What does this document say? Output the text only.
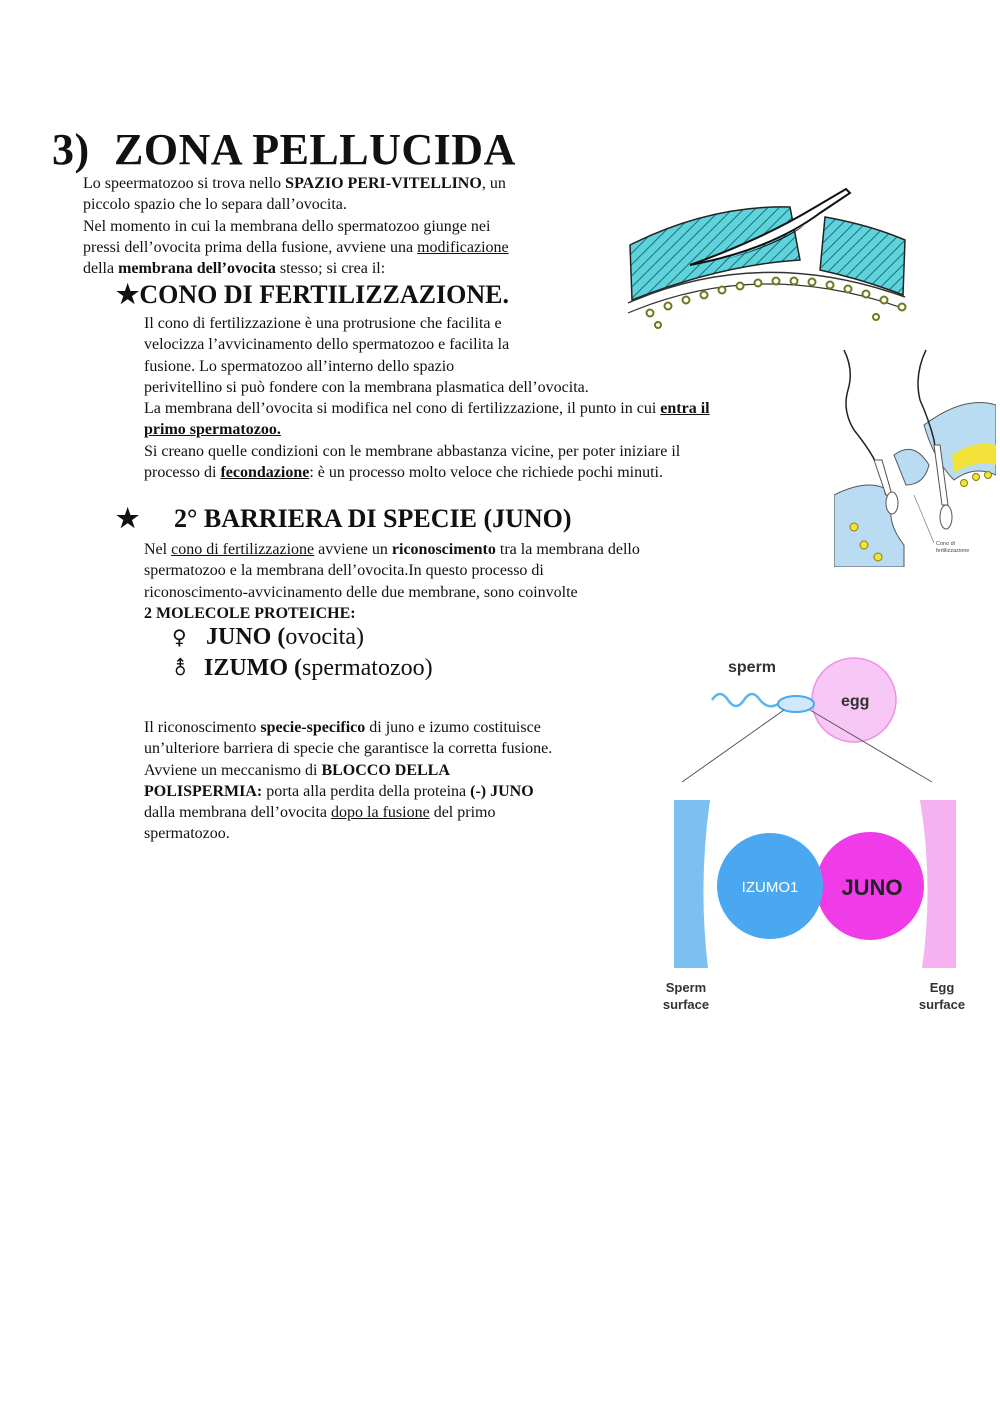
3) ZONA PELLUCIDA

Lo speermatozoo si trova nello SPAZIO PERI-VITELLINO, un

piccolo spazio che lo separa dall’ovocita.

Nel momento in cui la membrana dello spermatozoo giunge nei

pressi dell’ovocita prima della fusione, avviene una modificazione

della membrana dell’ovocita stesso; si crea il:

★CONO DI FERTILIZZAZIONE.

Il cono di fertilizzazione è una protrusione che facilita e

velocizza l’avvicinamento dello spermatozoo e facilita la

fusione. Lo spermatozoo all’interno dello spazio

perivitellino si può fondere con la membrana plasmatica dell’ovocita.

La membrana dell’ovocita si modifica nel cono di fertilizzazione, il punto in cui entra il

primo spermatozoo.

Si creano quelle condizioni con le membrane abbastanza vicine, per poter iniziare il

processo di fecondazione: è un processo molto veloce che richiede pochi minuti.

★ 2° BARRIERA DI SPECIE (JUNO)

Nel cono di fertilizzazione avviene un riconoscimento tra la membrana dello

spermatozoo e la membrana dell’ovocita.In questo processo di

riconoscimento-avvicinamento delle due membrane, sono coinvolte

2 MOLECOLE PROTEICHE:

♀ JUNO (ovocita)
⚨ IZUMO (spermatozoo)

Il riconoscimento specie-specifico di juno e izumo costituisce

un’ulteriore barriera di specie che garantisce la corretta fusione.

Avviene un meccanismo di BLOCCO DELLA

POLISPERMIA: porta alla perdita della proteina (-) JUNO

dalla membrana dell’ovocita dopo la fusione del primo

spermatozoo.

Cono di
fertilizzazione
sperm
egg
IZUMO1 JUNO
Sperm
surface
Egg
surface
